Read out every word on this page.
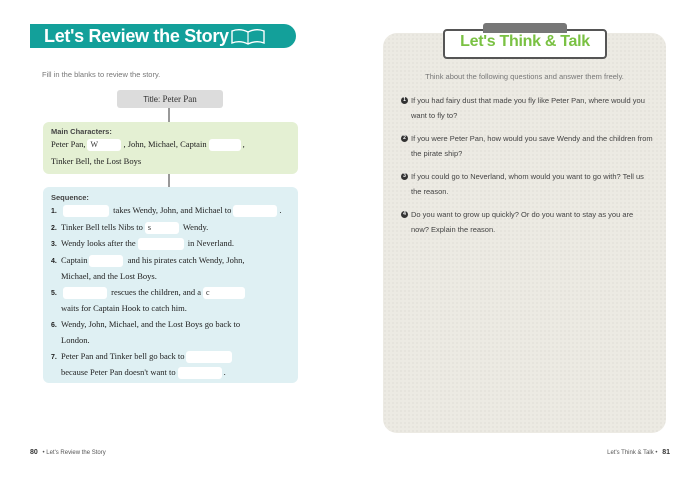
Let's Review the Story
Fill in the blanks to review the story.
Title: Peter Pan
Main Characters:
Peter Pan, W	, John, Michael, Captain	,
Tinker Bell, the Lost Boys
Sequence:
1.	takes Wendy, John, and Michael to	.
2. Tinker Bell tells Nibs to s	Wendy.
3. Wendy looks after the	in Neverland.
4. Captain	and his pirates catch Wendy, John,
Michael, and the Lost Boys.
5.	rescues the children, and a c
waits for Captain Hook to catch him.
6. Wendy, John, Michael, and the Lost Boys go back to
London.
7. Peter Pan and Tinker bell go back to
because Peter Pan doesn't want to	.
80 • Let's Review the Story
Let's Think & Talk
Think about the following questions and answer them freely.
1 If you had fairy dust that made you fly like Peter Pan, where would you want to fly to?
2 If you were Peter Pan, how would you save Wendy and the children from the pirate ship?
3 If you could go to Neverland, whom would you want to go with? Tell us the reason.
4 Do you want to grow up quickly? Or do you want to stay as you are now? Explain the reason.
Let's Think & Talk • 81
